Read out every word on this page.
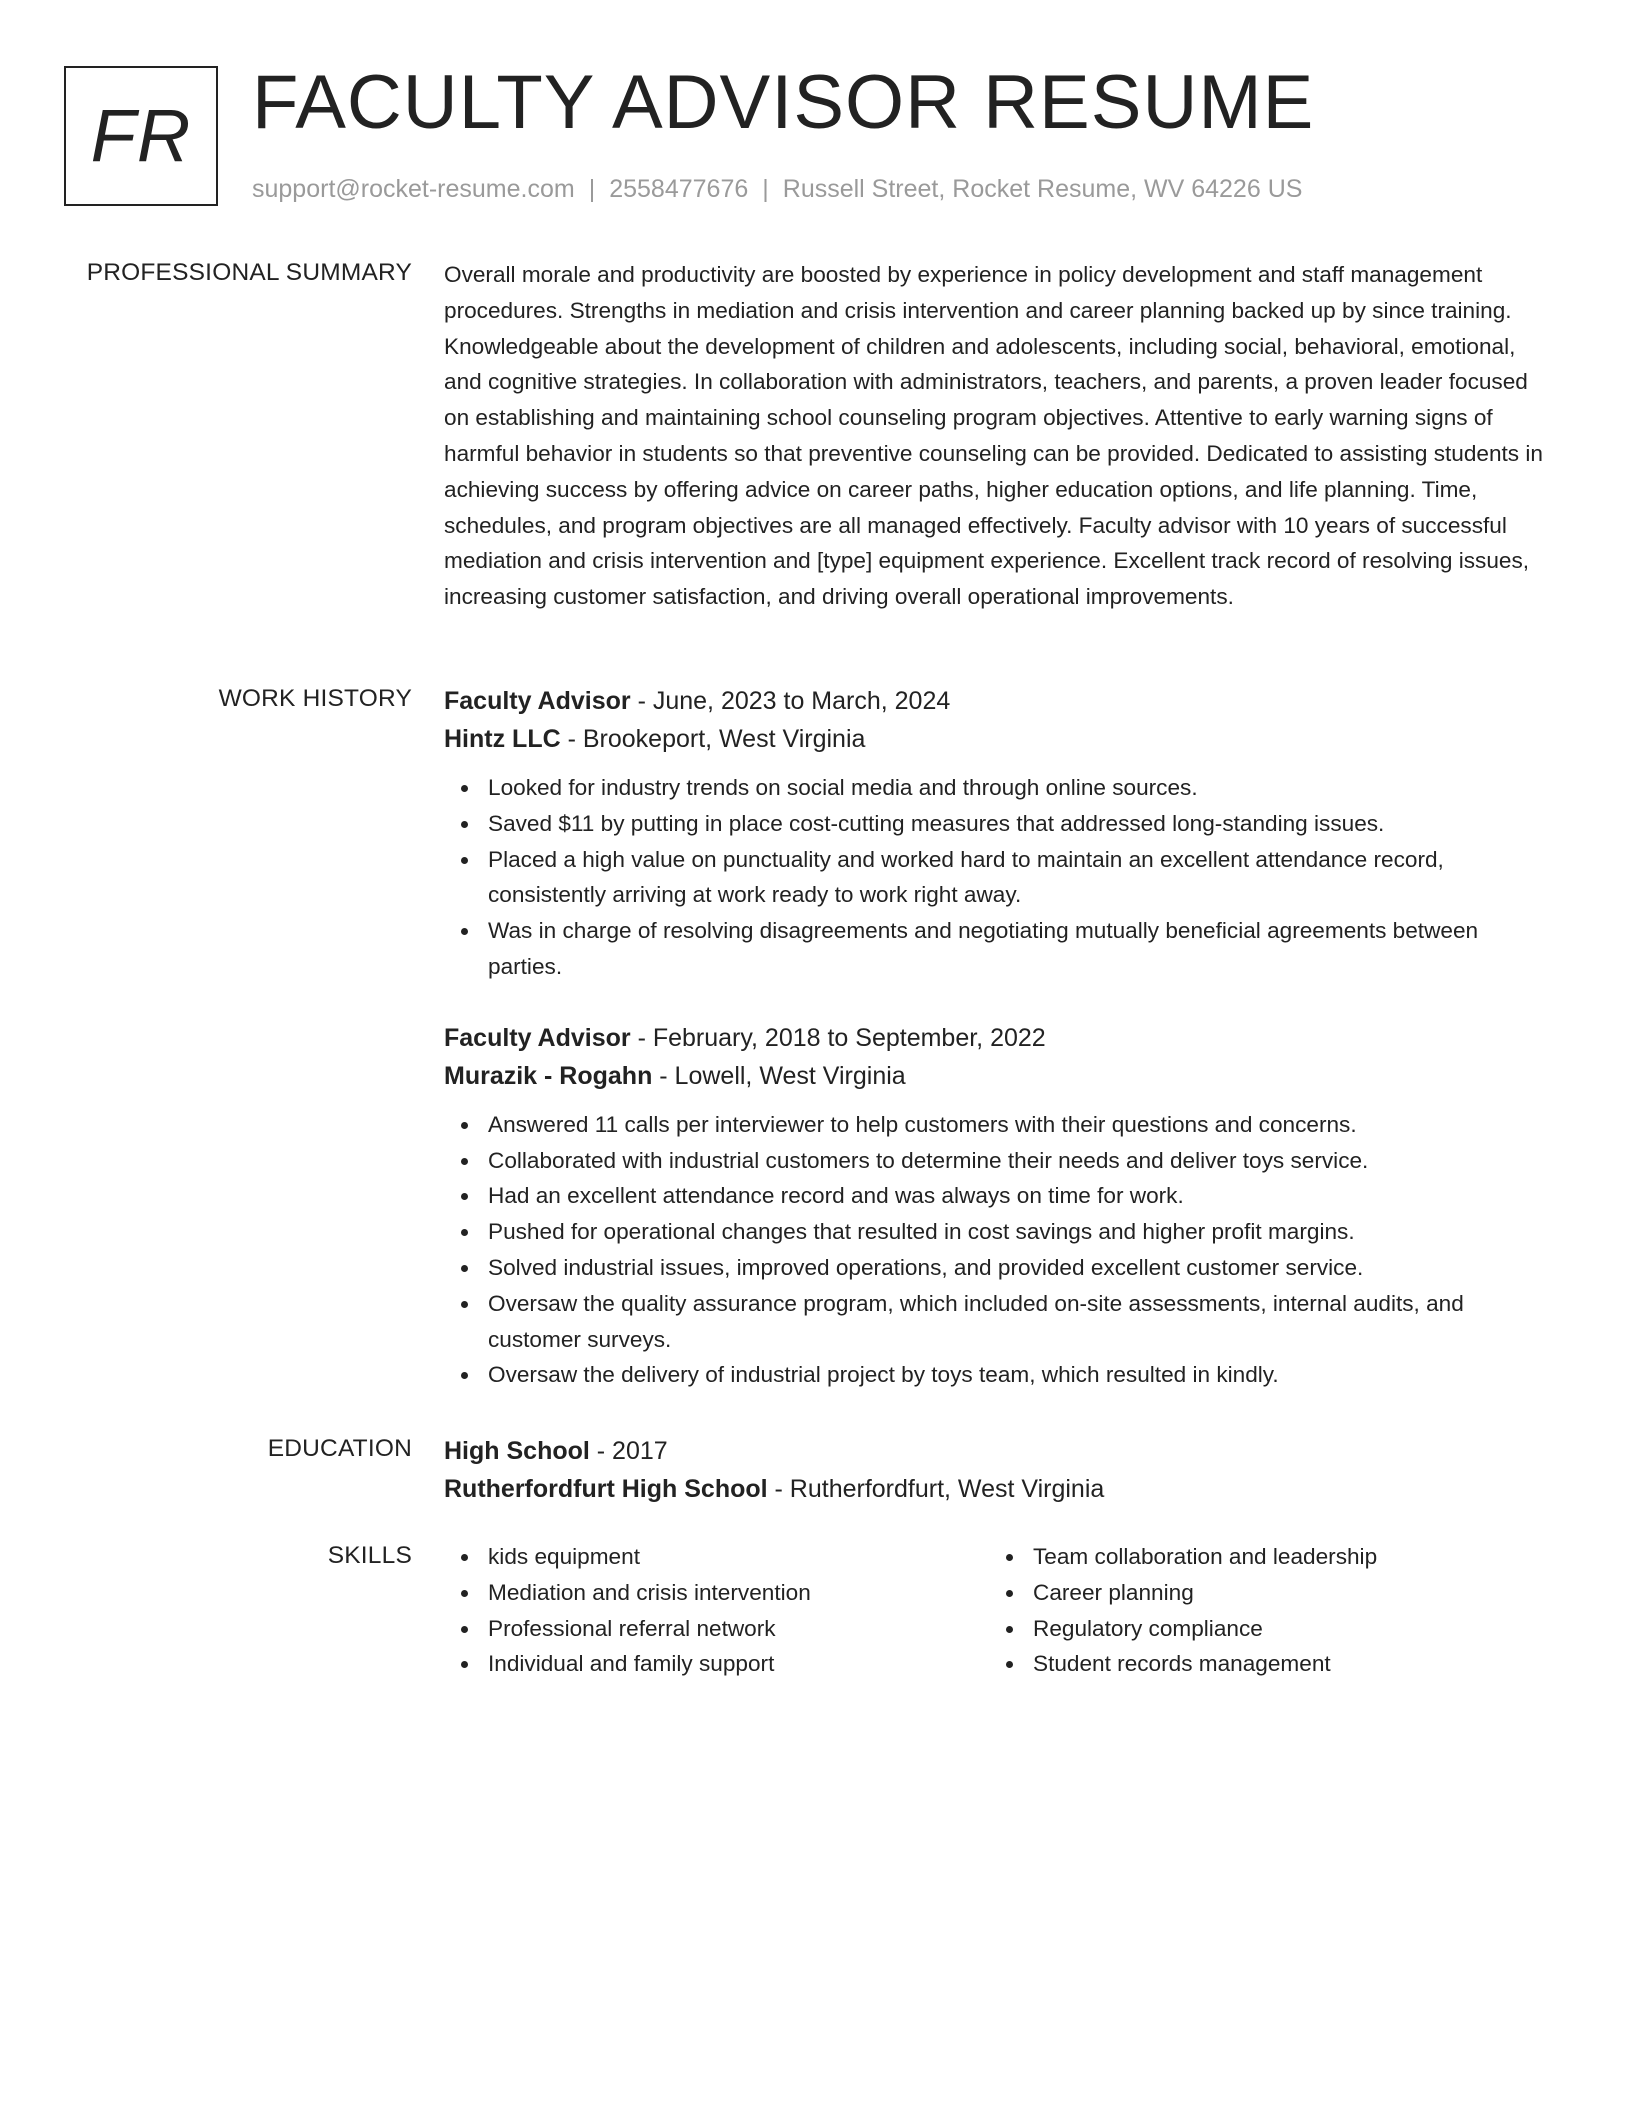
FR FACULTY ADVISOR RESUME
support@rocket-resume.com | 2558477676 | Russell Street, Rocket Resume, WV 64226 US
PROFESSIONAL SUMMARY Overall morale and productivity are boosted by experience in policy development and staff management procedures. Strengths in mediation and crisis intervention and career planning backed up by since training. Knowledgeable about the development of children and adolescents, including social, behavioral, emotional, and cognitive strategies. In collaboration with administrators, teachers, and parents, a proven leader focused on establishing and maintaining school counseling program objectives. Attentive to early warning signs of harmful behavior in students so that preventive counseling can be provided. Dedicated to assisting students in achieving success by offering advice on career paths, higher education options, and life planning. Time, schedules, and program objectives are all managed effectively. Faculty advisor with 10 years of successful mediation and crisis intervention and [type] equipment experience. Excellent track record of resolving issues, increasing customer satisfaction, and driving overall operational improvements.

WORK HISTORY Faculty Advisor - June, 2023 to March, 2024
Hintz LLC - Brookeport, West Virginia
Looked for industry trends on social media and through online sources.
Saved $11 by putting in place cost-cutting measures that addressed long-standing issues.
Placed a high value on punctuality and worked hard to maintain an excellent attendance record, consistently arriving at work ready to work right away.
Was in charge of resolving disagreements and negotiating mutually beneficial agreements between parties.
Faculty Advisor - February, 2018 to September, 2022
Murazik - Rogahn - Lowell, West Virginia
Answered 11 calls per interviewer to help customers with their questions and concerns.
Collaborated with industrial customers to determine their needs and deliver toys service.
Had an excellent attendance record and was always on time for work.
Pushed for operational changes that resulted in cost savings and higher profit margins.
Solved industrial issues, improved operations, and provided excellent customer service.
Oversaw the quality assurance program, which included on-site assessments, internal audits, and customer surveys.
Oversaw the delivery of industrial project by toys team, which resulted in kindly.
EDUCATION High School - 2017
Rutherfordfurt High School - Rutherfordfurt, West Virginia
SKILLS	kids equipment
Mediation and crisis intervention
Professional referral network
Individual and family support
Team collaboration and leadership
Career planning
Regulatory compliance
Student records management
